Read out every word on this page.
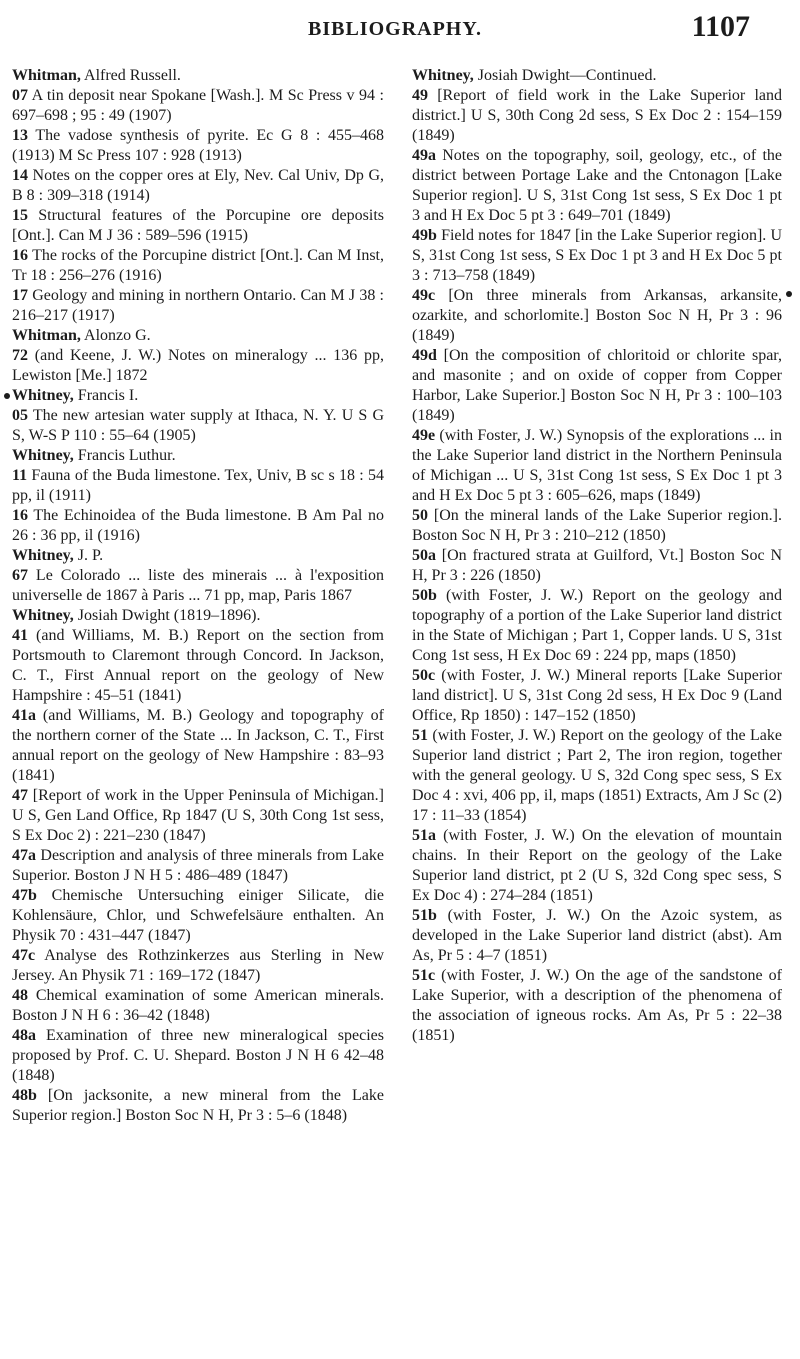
BIBLIOGRAPHY.	1107

Whitman, Alfred Russell.

07 A tin deposit near Spokane [Wash.]. M Sc Press v 94 : 697–698 ; 95 : 49 (1907)

13 The vadose synthesis of pyrite. Ec G 8 : 455–468 (1913) M Sc Press 107 : 928 (1913)

14 Notes on the copper ores at Ely, Nev. Cal Univ, Dp G, B 8 : 309–318 (1914)

15 Structural features of the Porcupine ore deposits [Ont.]. Can M J 36 : 589–596 (1915)

16 The rocks of the Porcupine district [Ont.]. Can M Inst, Tr 18 : 256–276 (1916)

17 Geology and mining in northern Ontario. Can M J 38 : 216–217 (1917)

Whitman, Alonzo G.

72 (and Keene, J. W.) Notes on mineralogy ... 136 pp, Lewiston [Me.] 1872

Whitney, Francis I.

05 The new artesian water supply at Ithaca, N. Y. U S G S, W-S P 110 : 55–64 (1905)

Whitney, Francis Luthur.

11 Fauna of the Buda limestone. Tex, Univ, B sc s 18 : 54 pp, il (1911)

16 The Echinoidea of the Buda limestone. B Am Pal no 26 : 36 pp, il (1916)

Whitney, J. P.

67 Le Colorado ... liste des minerais ... à l'exposition universelle de 1867 à Paris ... 71 pp, map, Paris 1867

Whitney, Josiah Dwight (1819–1896).

41 (and Williams, M. B.) Report on the section from Portsmouth to Claremont through Concord. In Jackson, C. T., First Annual report on the geology of New Hampshire : 45–51 (1841)

41a (and Williams, M. B.) Geology and topography of the northern corner of the State ... In Jackson, C. T., First annual report on the geology of New Hampshire : 83–93 (1841)

47 [Report of work in the Upper Peninsula of Michigan.] U S, Gen Land Office, Rp 1847 (U S, 30th Cong 1st sess, S Ex Doc 2) : 221–230 (1847)

47a Description and analysis of three minerals from Lake Superior. Boston J N H 5 : 486–489 (1847)

47b Chemische Untersuching einiger Silicate, die Kohlensäure, Chlor, und Schwefelsäure enthalten. An Physik 70 : 431–447 (1847)

47c Analyse des Rothzinkerzes aus Sterling in New Jersey. An Physik 71 : 169–172 (1847)

48 Chemical examination of some American minerals. Boston J N H 6 : 36–42 (1848)

48a Examination of three new mineralogical species proposed by Prof. C. U. Shepard. Boston J N H 6 42–48 (1848)

48b [On jacksonite, a new mineral from the Lake Superior region.] Boston Soc N H, Pr 3 : 5–6 (1848)

Whitney, Josiah Dwight—Continued.

49 [Report of field work in the Lake Superior land district.] U S, 30th Cong 2d sess, S Ex Doc 2 : 154–159 (1849)

49a Notes on the topography, soil, geology, etc., of the district between Portage Lake and the Cntonagon [Lake Superior region]. U S, 31st Cong 1st sess, S Ex Doc 1 pt 3 and H Ex Doc 5 pt 3 : 649–701 (1849)

49b Field notes for 1847 [in the Lake Superior region]. U S, 31st Cong 1st sess, S Ex Doc 1 pt 3 and H Ex Doc 5 pt 3 : 713–758 (1849)

49c [On three minerals from Arkansas, arkansite, ozarkite, and schorlomite.] Boston Soc N H, Pr 3 : 96 (1849)

49d [On the composition of chloritoid or chlorite spar, and masonite ; and on oxide of copper from Copper Harbor, Lake Superior.] Boston Soc N H, Pr 3 : 100–103 (1849)

49e (with Foster, J. W.) Synopsis of the explorations ... in the Lake Superior land district in the Northern Peninsula of Michigan ... U S, 31st Cong 1st sess, S Ex Doc 1 pt 3 and H Ex Doc 5 pt 3 : 605–626, maps (1849)

50 [On the mineral lands of the Lake Superior region.]. Boston Soc N H, Pr 3 : 210–212 (1850)

50a [On fractured strata at Guilford, Vt.] Boston Soc N H, Pr 3 : 226 (1850)

50b (with Foster, J. W.) Report on the geology and topography of a portion of the Lake Superior land district in the State of Michigan ; Part 1, Copper lands. U S, 31st Cong 1st sess, H Ex Doc 69 : 224 pp, maps (1850)

50c (with Foster, J. W.) Mineral reports [Lake Superior land district]. U S, 31st Cong 2d sess, H Ex Doc 9 (Land Office, Rp 1850) : 147–152 (1850)

51 (with Foster, J. W.) Report on the geology of the Lake Superior land district ; Part 2, The iron region, together with the general geology. U S, 32d Cong spec sess, S Ex Doc 4 : xvi, 406 pp, il, maps (1851) Extracts, Am J Sc (2) 17 : 11–33 (1854)

51a (with Foster, J. W.) On the elevation of mountain chains. In their Report on the geology of the Lake Superior land district, pt 2 (U S, 32d Cong spec sess, S Ex Doc 4) : 274–284 (1851)

51b (with Foster, J. W.) On the Azoic system, as developed in the Lake Superior land district (abst). Am As, Pr 5 : 4–7 (1851)

51c (with Foster, J. W.) On the age of the sandstone of Lake Superior, with a description of the phenomena of the association of igneous rocks. Am As, Pr 5 : 22–38 (1851)
